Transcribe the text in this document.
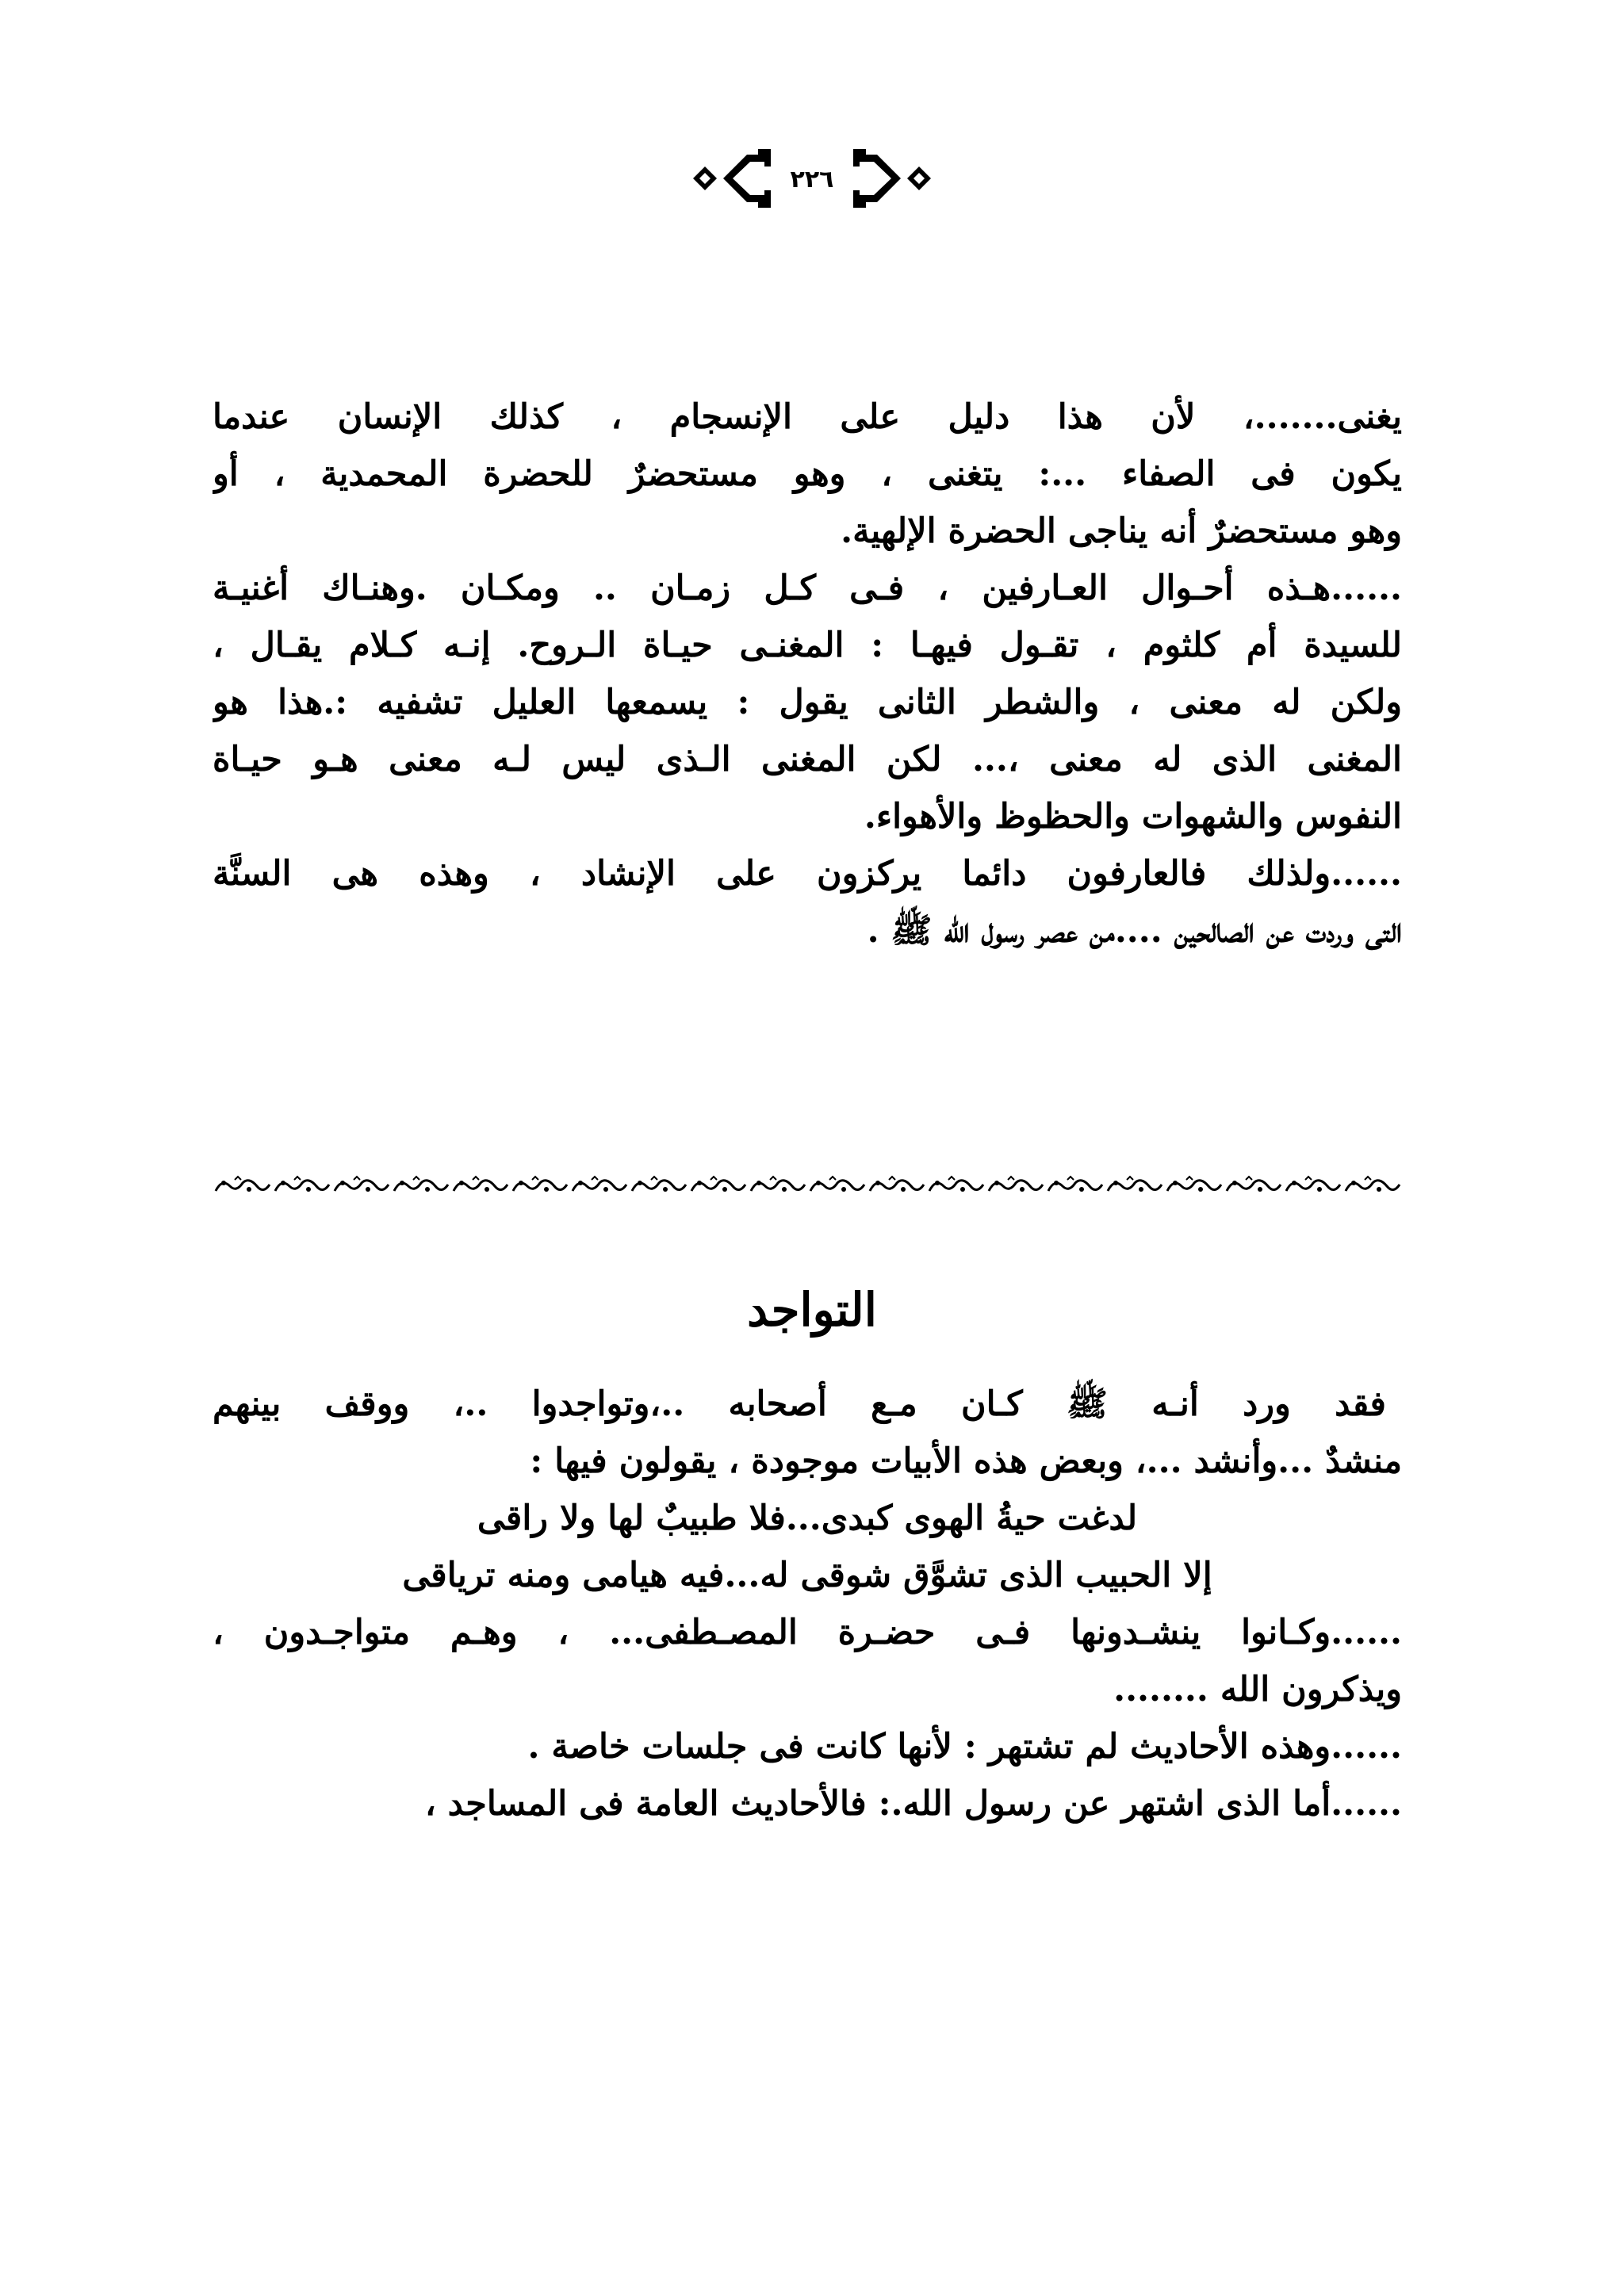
٢٢٦
يغنى.......، لأن هذا دليل على الإنسجام ، كذلك الإنسان عندما
يكون فى الصفاء ...: يتغنى ، وهو مستحضرٌ للحضرة المحمدية ، أو
وهو مستحضرٌ أنه يناجى الحضرة الإلهية.
......هـذه أحـوال العـارفين ، فـى كـل زمـان .. ومكـان .وهنـاك أغنيـة
للسيدة أم كلثوم ، تقـول فيهـا : المغنـى حيـاة الـروح. إنـه كـلام يقـال ،
ولكن له معنى ، والشطر الثانى يقول : يسمعها العليل تشفيه :.هذا هو
المغنى الذى له معنى ،... لكن المغنى الـذى ليس لـه معنى هـو حيـاة
النفوس والشهوات والحظوظ والأهواء.
......ولذلك فالعارفون دائما يركزون على الإنشاد ، وهذه هى السنَّة
التى وردت عن الصالحين ....من عصر رسول الله ﷺ .
التواجد
فقد ورد أنـه ﷺ كـان مـع أصحابه ..،وتواجدوا ..، ووقف بينهم
منشدٌ ...وأنشد ...، وبعض هذه الأبيات موجودة ، يقولون فيها :
لدغت حيةُ الهوى كبدى...فلا طبيبٌ لها ولا راقى
إلا الحبيب الذى تشوَّق شوقى له...فيه هيامى ومنه ترياقى
......وكـانوا ينشـدونها فـى حضـرة المصـطفى... ، وهـم متواجـدون ،
ويذكرون الله ........
......وهذه الأحاديث لم تشتهر : لأنها كانت فى جلسات خاصة .
......أما الذى اشتهر عن رسول الله.: فالأحاديث العامة فى المساجد ،
